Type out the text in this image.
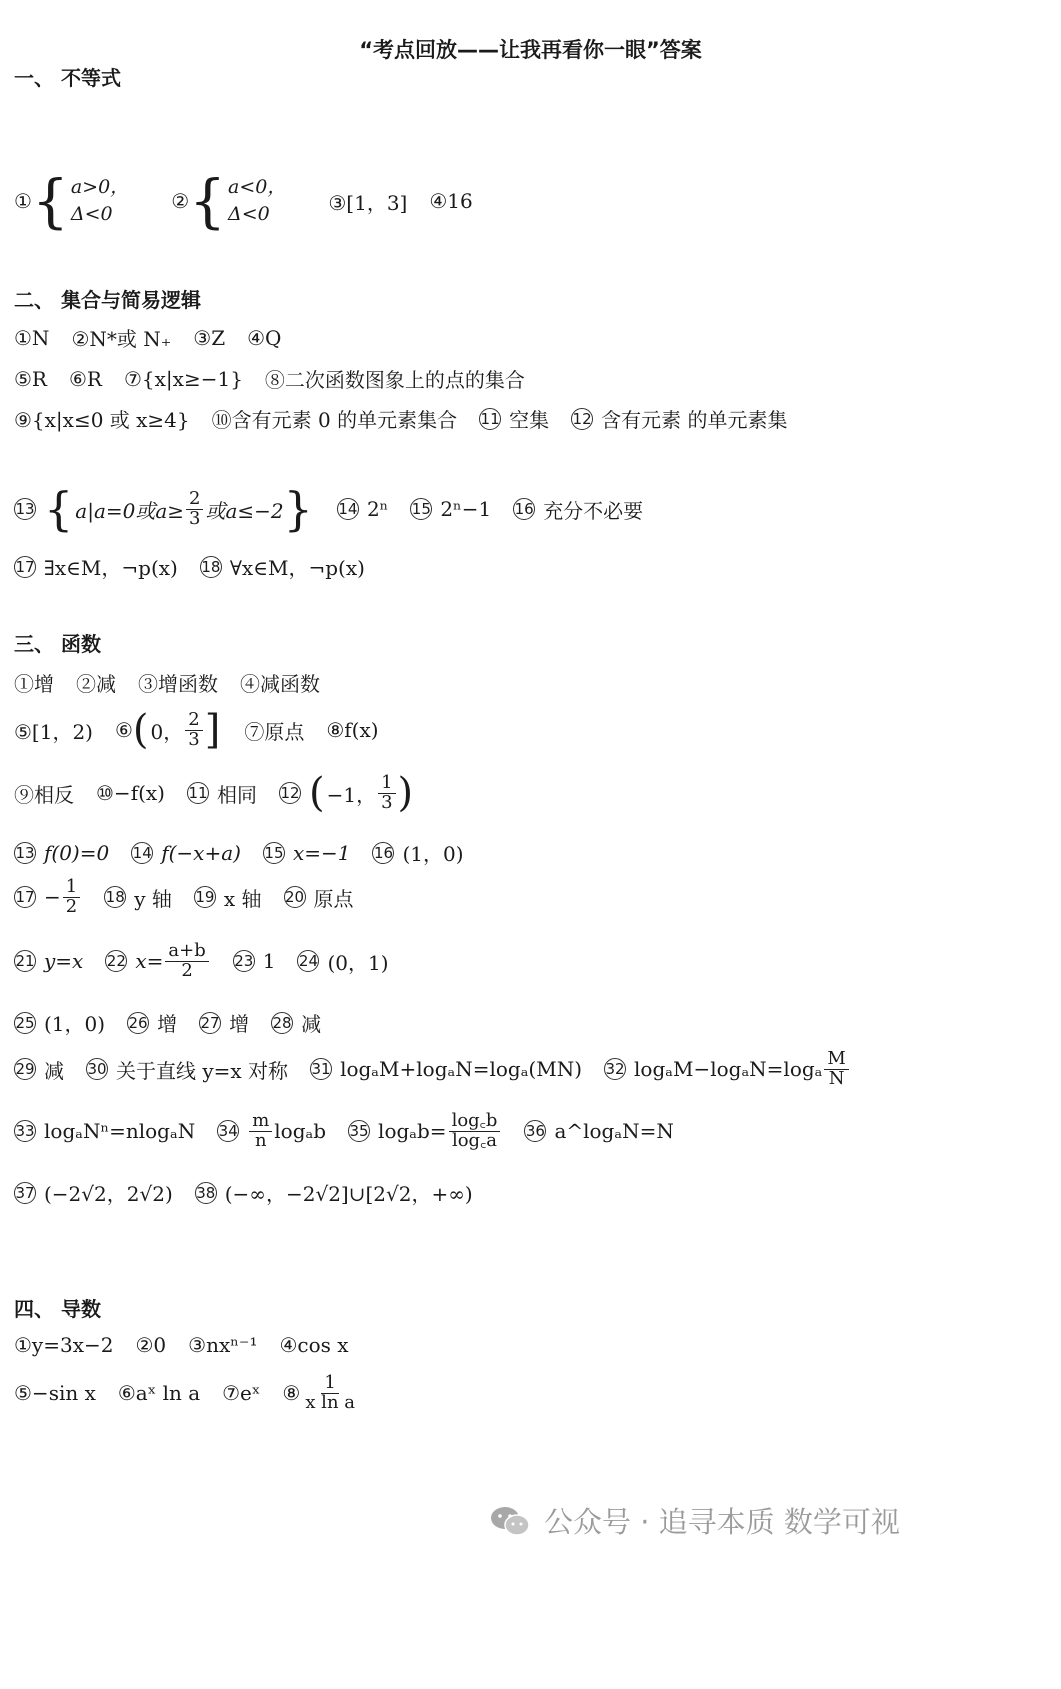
“考点回放——让我再看你一眼”答案
一、 不等式
① { a>0，
Δ<0
② { a<0，
Δ<0	③[1，3] ④16
二、 集合与简易逻辑
①N ②N*或 N₊ ③Z ④Q
⑤R ⑥R ⑦{x|x≥−1} ⑧二次函数图象上的点的集合
⑨{x|x≤0 或 x≥4} ⑩含有元素 0 的单元素集合 11 空集 12 含有元素 的单元素集
13 { a|a=0或$a\ge \frac{2}{3}$ 或a≤−2 } 14 2ⁿ 15 2ⁿ−1 16 充分不必要
17 ∃x∈M，¬p(x) 18 ∀x∈M，¬p(x)
三、 函数
①增 ②减 ③增函数 ④减函数
⑤[1，2) ⑥ ( 0， $\frac{2}{3}$ ] ⑦原点 ⑧f(x)
⑨相反 ⑩−f(x) 11 相同 12 ( −1， $\frac{1}{3}$ )
13 f(0)=0 14 f(−x+a) 15 x=−1 16 (1，0)
$17 - \frac{1}{2} 18$ y 轴 19 x 轴 20 原点
21 y=x 22 $x= \frac{a+b}{2} 23$ 1 24 (0，1)
25 (1，0) 26 增 27 增 28 减
29 减 30 关于直线 y=x 对称 31 logₐM+logₐN=logₐ(MN) 32 $\log_aM-\log_aN=\log_a \frac{M}{N}$
33 logₐNⁿ=nlogₐN $34 \frac{m}{n}$ logₐb 35 $\log_ab= \frac{\log꜀b}{\log꜀a} 36$ a^logₐN=N
37 (−2√2，2√2) 38 (−∞，−2√2]∪[2√2，+∞)
四、 导数
①y=3x−2 ②0 ③nxⁿ⁻¹ ④cos x
⑤−sin x ⑥aˣ ln a ⑦eˣ ⑧ $\frac{1}{\text{x ln a}}$
公众号 · 追寻本质 数学可视
